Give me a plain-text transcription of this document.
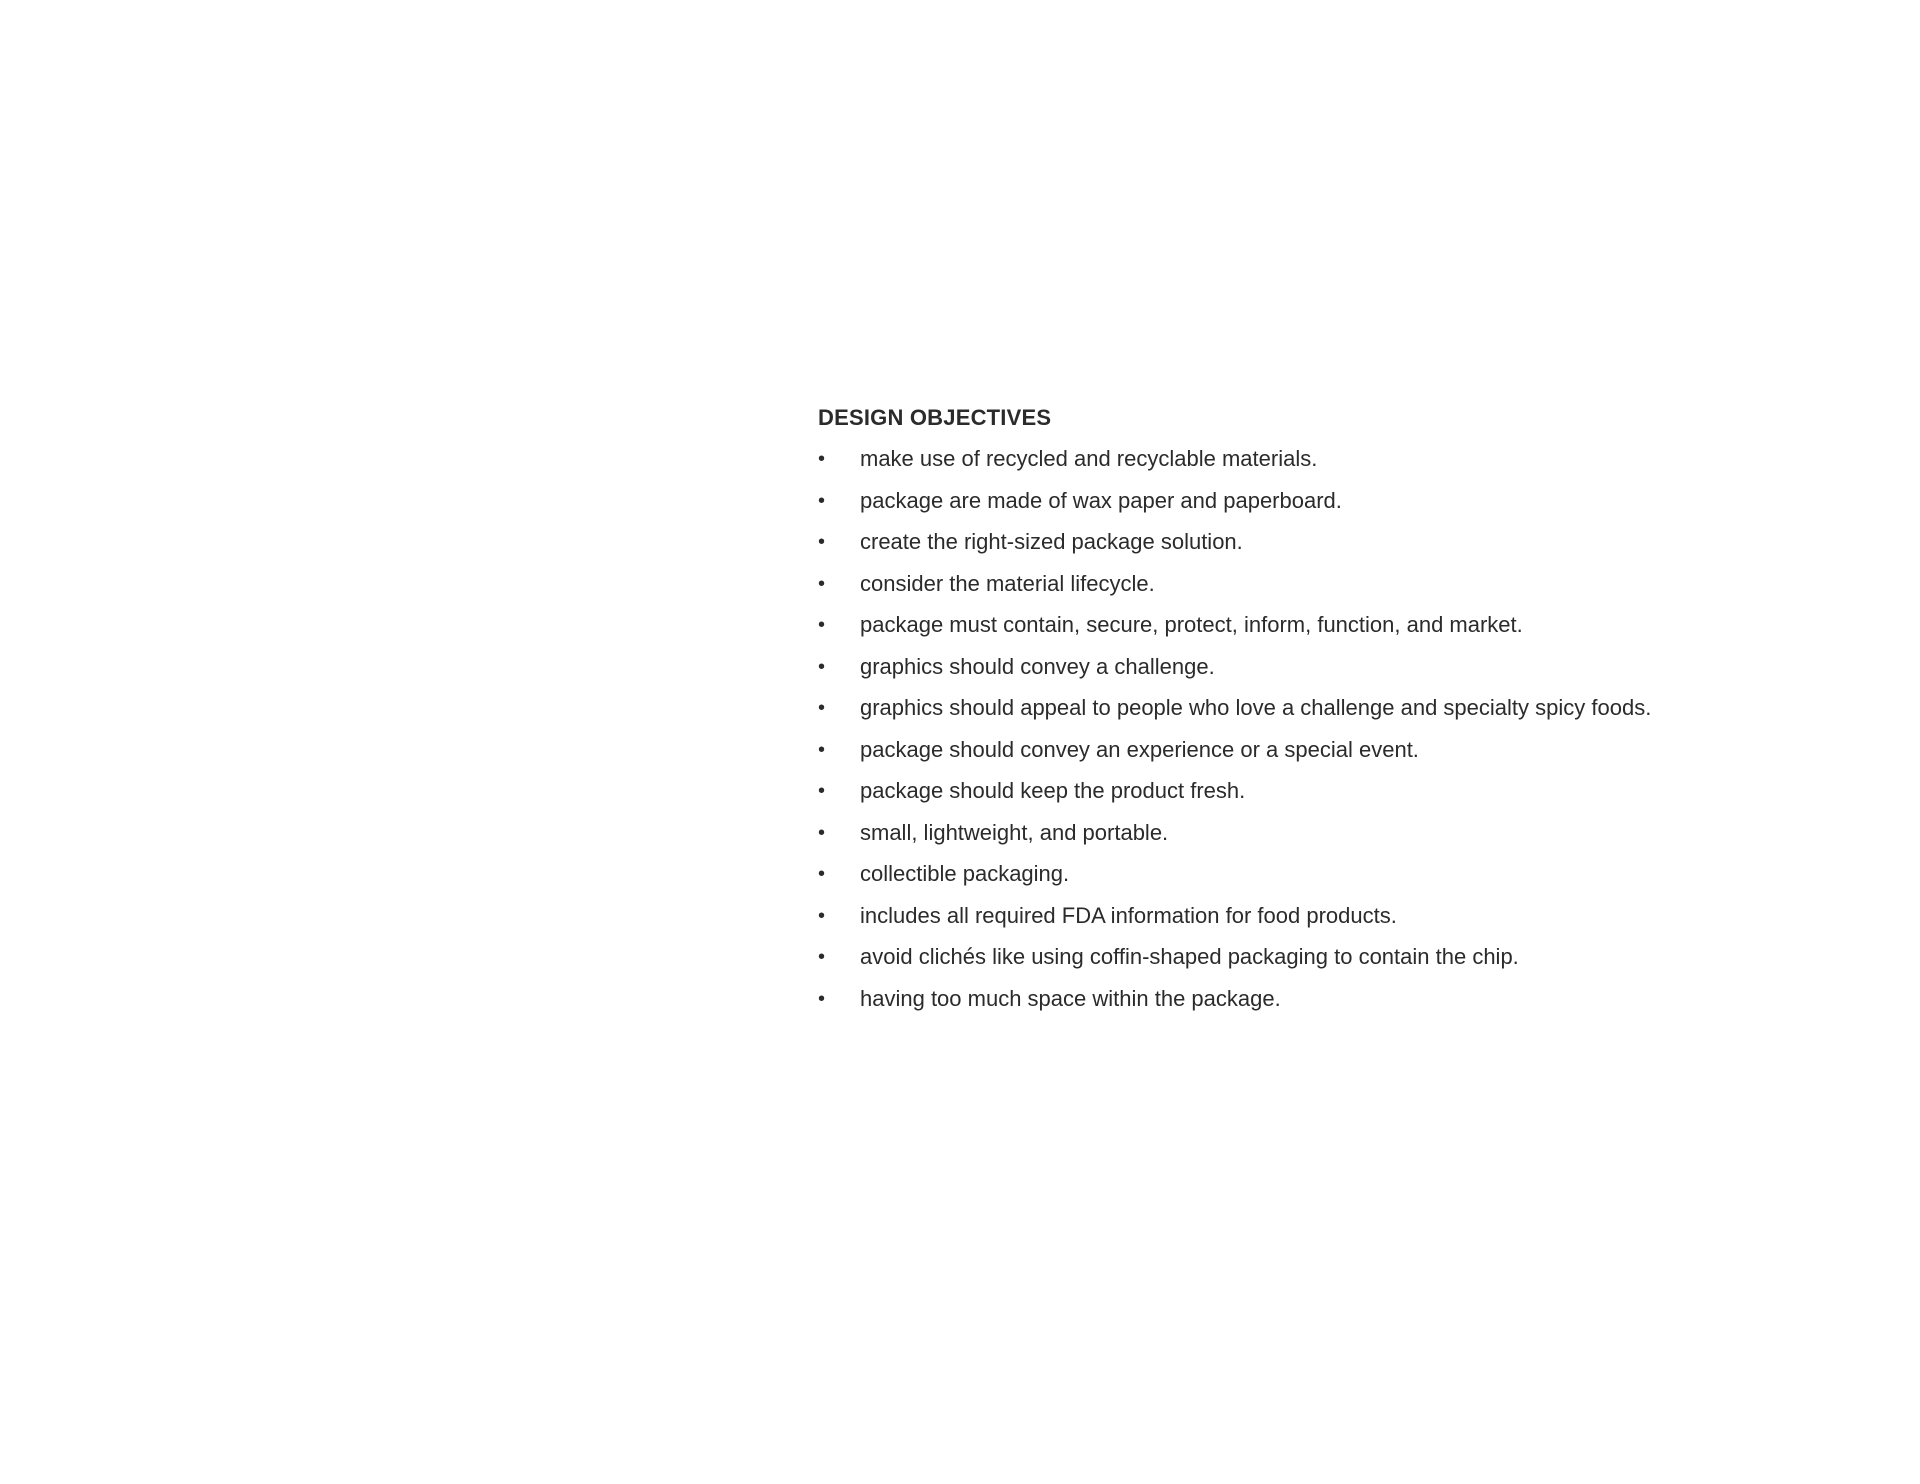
DESIGN OBJECTIVES
•	make use of recycled and recyclable materials.
•	package are made of wax paper and paperboard.
•	create the right-sized package solution.
•	consider the material lifecycle.
•	package must contain, secure, protect, inform, function, and market.
•	graphics should convey a challenge.
•	graphics should appeal to people who love a challenge and specialty spicy foods.
•	package should convey an experience or a special event.
•	package should keep the product fresh.
•	small, lightweight, and portable.
•	collectible packaging.
•	includes all required FDA information for food products.
•	avoid clichés like using coffin-shaped packaging to contain the chip.
•	having too much space within the package.
